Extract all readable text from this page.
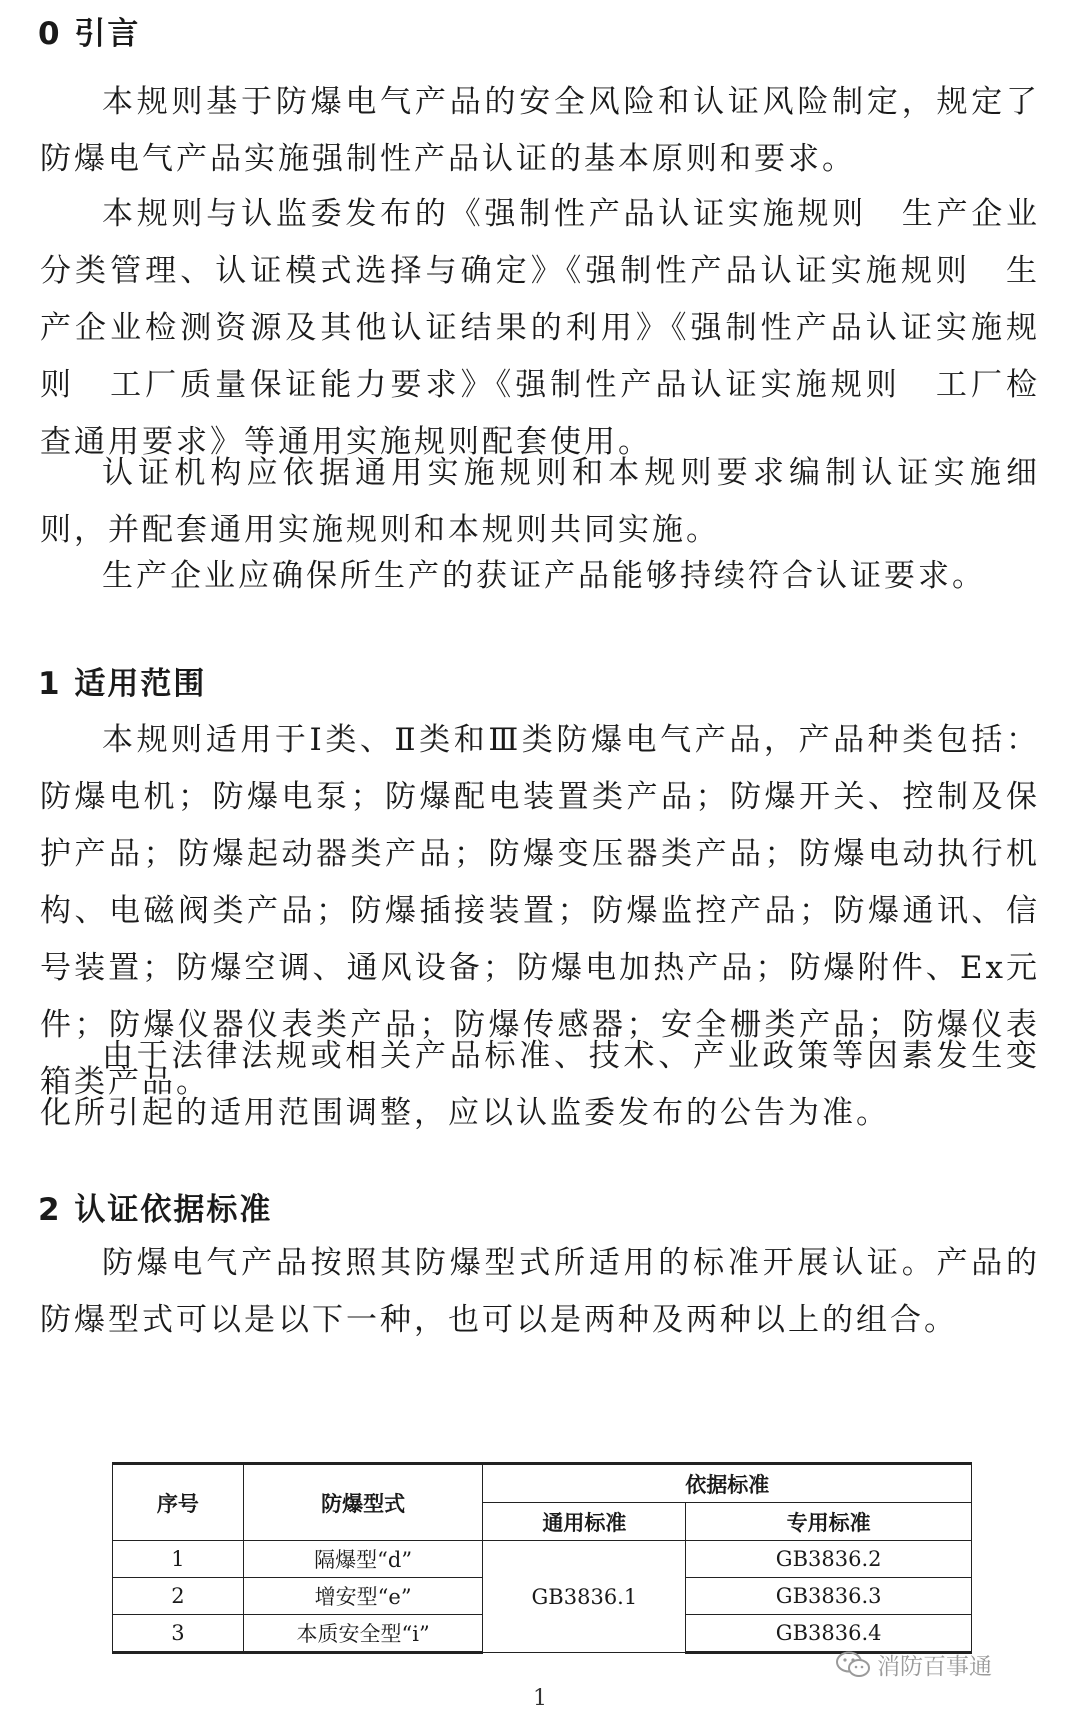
0 引言

本规则基于防爆电气产品的安全风险和认证风险制定，规定了防爆电气产品实施强制性产品认证的基本原则和要求。

本规则与认监委发布的《强制性产品认证实施规则　生产企业分类管理、认证模式选择与确定》《强制性产品认证实施规则　生产企业检测资源及其他认证结果的利用》《强制性产品认证实施规则　工厂质量保证能力要求》《强制性产品认证实施规则　工厂检查通用要求》等通用实施规则配套使用。

认证机构应依据通用实施规则和本规则要求编制认证实施细则，并配套通用实施规则和本规则共同实施。

生产企业应确保所生产的获证产品能够持续符合认证要求。

1 适用范围

本规则适用于Ⅰ类、Ⅱ类和Ⅲ类防爆电气产品，产品种类包括：防爆电机；防爆电泵；防爆配电装置类产品；防爆开关、控制及保护产品；防爆起动器类产品；防爆变压器类产品；防爆电动执行机构、电磁阀类产品；防爆插接装置；防爆监控产品；防爆通讯、信号装置；防爆空调、通风设备；防爆电加热产品；防爆附件、Ex元件；防爆仪器仪表类产品；防爆传感器；安全栅类产品；防爆仪表箱类产品。

由于法律法规或相关产品标准、技术、产业政策等因素发生变化所引起的适用范围调整，应以认监委发布的公告为准。

2 认证依据标准

防爆电气产品按照其防爆型式所适用的标准开展认证。产品的防爆型式可以是以下一种，也可以是两种及两种以上的组合。

序号	防爆型式	依据标准	
		通用标准	专用标准
1	隔爆型“d”	GB3836.1	GB3836.2
2	增安型“e”		GB3836.3
3	本质安全型“i”		GB3836.4
消防百事通
1
